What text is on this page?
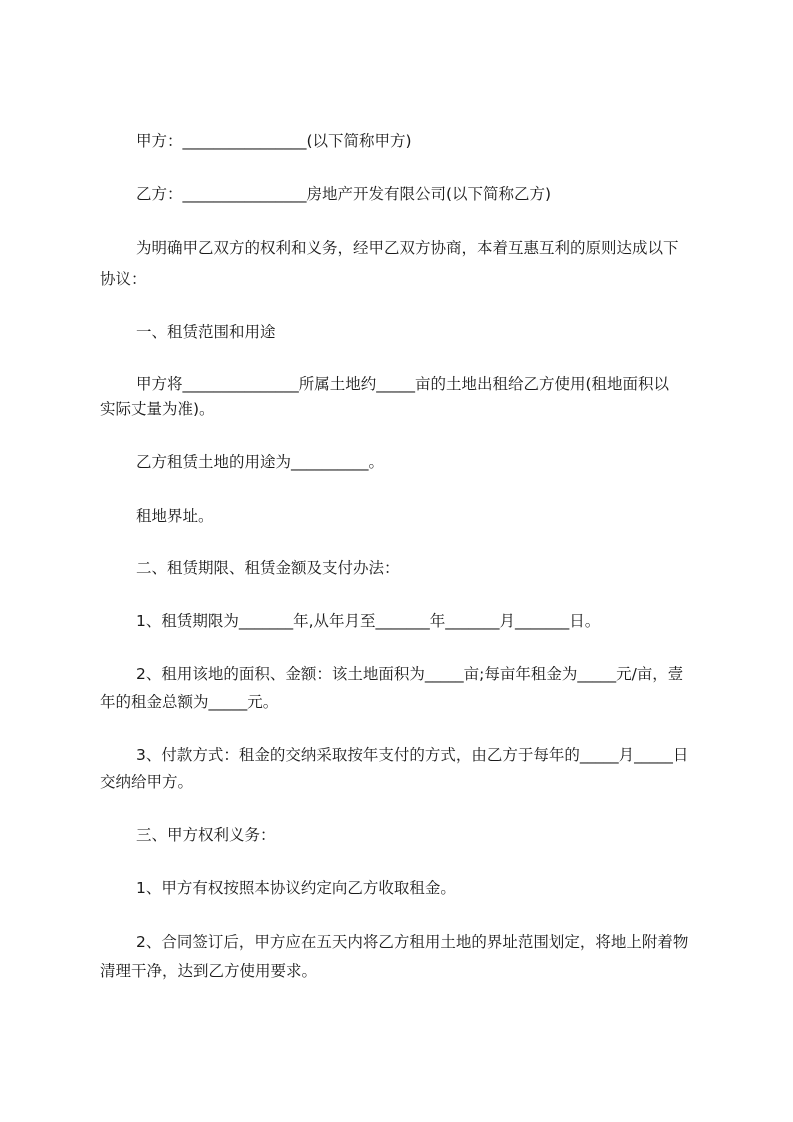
甲方：________________(以下简称甲方)
乙方：________________房地产开发有限公司(以下简称乙方)
为明确甲乙双方的权利和义务，经甲乙双方协商，本着互惠互利的原则达成以下
协议：
一、租赁范围和用途
甲方将_______________所属土地约_____亩的土地出租给乙方使用(租地面积以
实际丈量为准)。
乙方租赁土地的用途为__________。
租地界址。
二、租赁期限、租赁金额及支付办法：
1、租赁期限为_______年,从年月至_______年_______月_______日。
2、租用该地的面积、金额：该土地面积为_____亩;每亩年租金为_____元/亩，壹
年的租金总额为_____元。
3、付款方式：租金的交纳采取按年支付的方式，由乙方于每年的_____月_____日
交纳给甲方。
三、甲方权利义务：
1、甲方有权按照本协议约定向乙方收取租金。
2、合同签订后，甲方应在五天内将乙方租用土地的界址范围划定，将地上附着物
清理干净，达到乙方使用要求。
